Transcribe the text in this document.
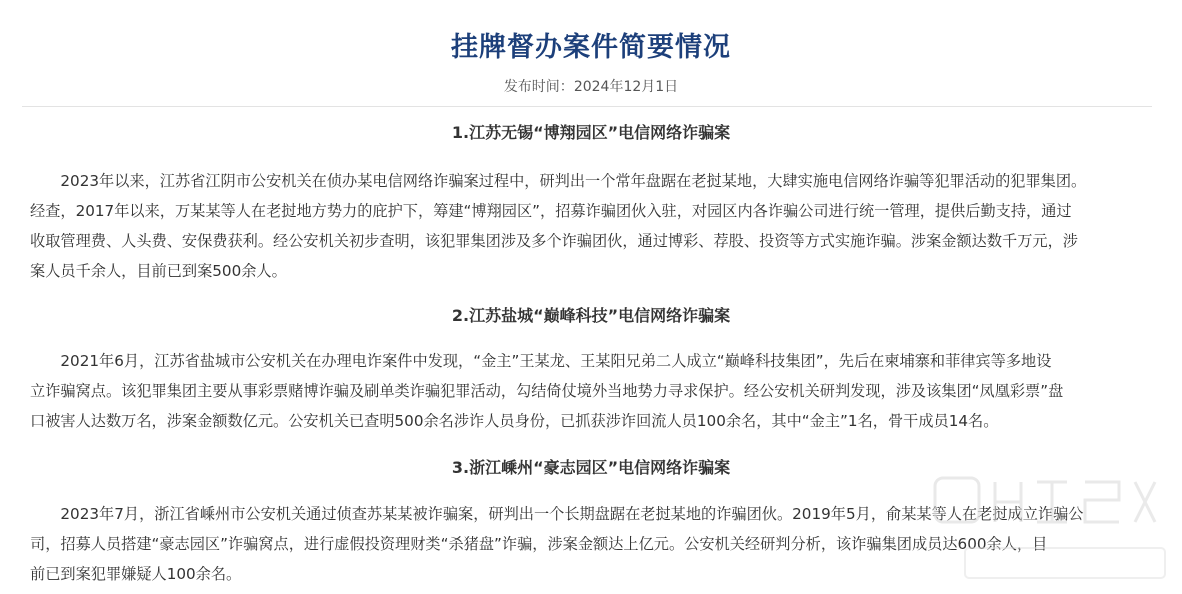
挂牌督办案件简要情况
发布时间：2024年12月1日
1.江苏无锡“博翔园区”电信网络诈骗案
2023年以来，江苏省江阴市公安机关在侦办某电信网络诈骗案过程中，研判出一个常年盘踞在老挝某地，大肆实施电信网络诈骗等犯罪活动的犯罪集团。
经查，2017年以来，万某某等人在老挝地方势力的庇护下，筹建“博翔园区”，招募诈骗团伙入驻，对园区内各诈骗公司进行统一管理，提供后勤支持，通过
收取管理费、人头费、安保费获利。经公安机关初步查明，该犯罪集团涉及多个诈骗团伙，通过博彩、荐股、投资等方式实施诈骗。涉案金额达数千万元，涉
案人员千余人，目前已到案500余人。
2.江苏盐城“巅峰科技”电信网络诈骗案
2021年6月，江苏省盐城市公安机关在办理电诈案件中发现，“金主”王某龙、王某阳兄弟二人成立“巅峰科技集团”，先后在柬埔寨和菲律宾等多地设
立诈骗窝点。该犯罪集团主要从事彩票赌博诈骗及刷单类诈骗犯罪活动，勾结倚仗境外当地势力寻求保护。经公安机关研判发现，涉及该集团“凤凰彩票”盘
口被害人达数万名，涉案金额数亿元。公安机关已查明500余名涉诈人员身份，已抓获涉诈回流人员100余名，其中“金主”1名，骨干成员14名。
3.浙江嵊州“豪志园区”电信网络诈骗案
2023年7月，浙江省嵊州市公安机关通过侦查苏某某被诈骗案，研判出一个长期盘踞在老挝某地的诈骗团伙。2019年5月，俞某某等人在老挝成立诈骗公
司，招募人员搭建“豪志园区”诈骗窝点，进行虚假投资理财类“杀猪盘”诈骗，涉案金额达上亿元。公安机关经研判分析，该诈骗集团成员达600余人，目
前已到案犯罪嫌疑人100余名。
